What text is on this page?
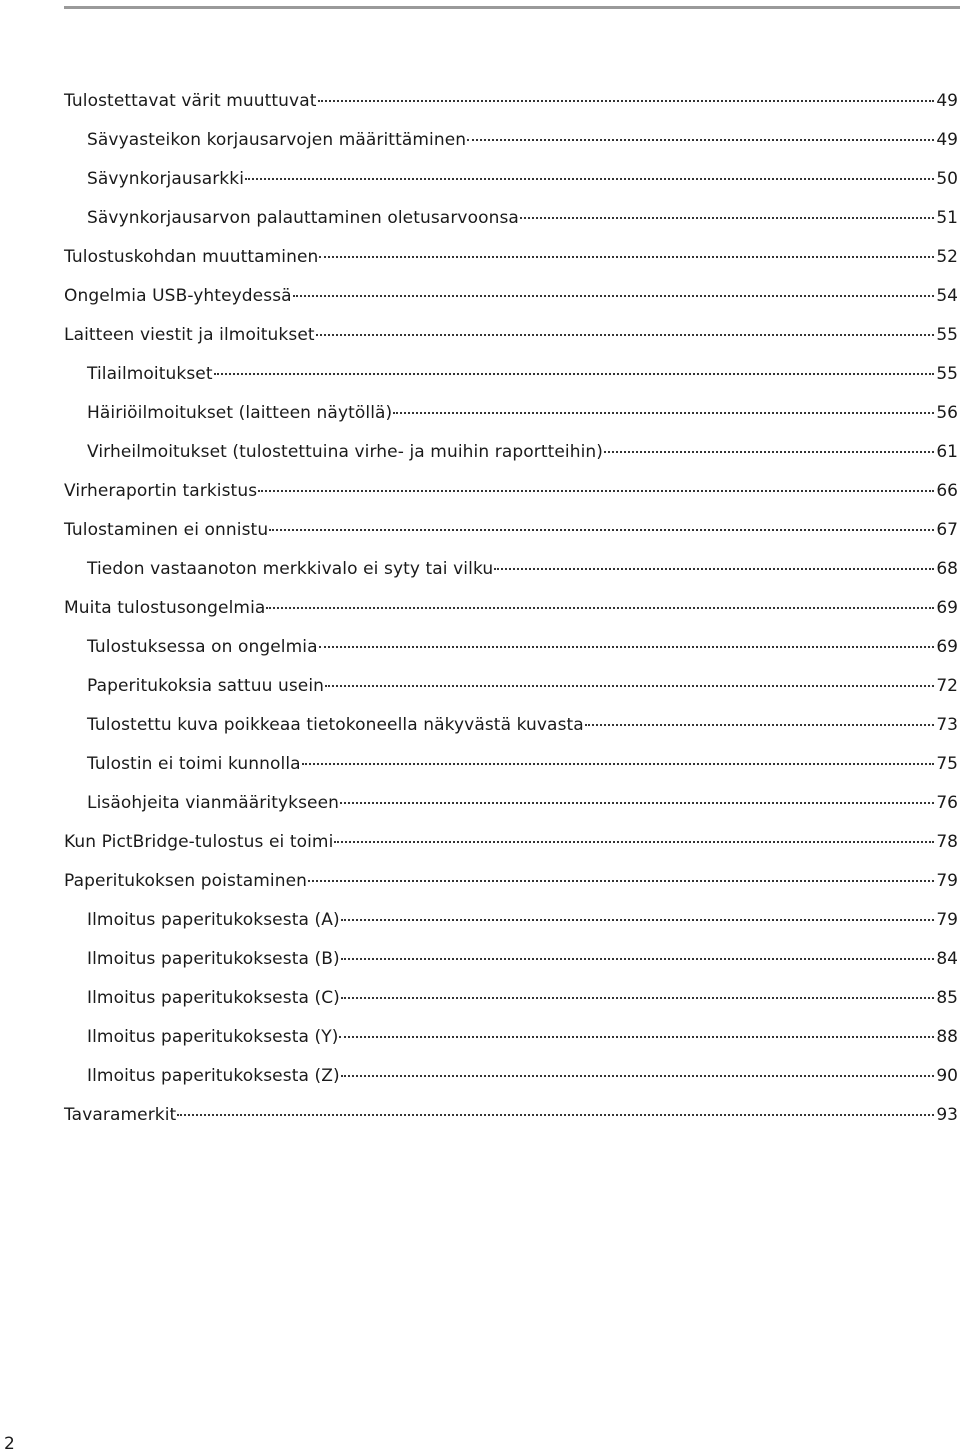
Tulostettavat värit muuttuvat	49
Sävyasteikon korjausarvojen määrittäminen	49
Sävynkorjausarkki	50
Sävynkorjausarvon palauttaminen oletusarvoonsa	51
Tulostuskohdan muuttaminen	52
Ongelmia USB-yhteydessä	54
Laitteen viestit ja ilmoitukset	55
Tilailmoitukset	55
Häiriöilmoitukset (laitteen näytöllä)	56
Virheilmoitukset (tulostettuina virhe- ja muihin raportteihin)	61
Virheraportin tarkistus	66
Tulostaminen ei onnistu	67
Tiedon vastaanoton merkkivalo ei syty tai vilku	68
Muita tulostusongelmia	69
Tulostuksessa on ongelmia	69
Paperitukoksia sattuu usein	72
Tulostettu kuva poikkeaa tietokoneella näkyvästä kuvasta	73
Tulostin ei toimi kunnolla	75
Lisäohjeita vianmääritykseen	76
Kun PictBridge-tulostus ei toimi	78
Paperitukoksen poistaminen	79
Ilmoitus paperitukoksesta (A)	79
Ilmoitus paperitukoksesta (B)	84
Ilmoitus paperitukoksesta (C)	85
Ilmoitus paperitukoksesta (Y)	88
Ilmoitus paperitukoksesta (Z)	90
Tavaramerkit	93
2
